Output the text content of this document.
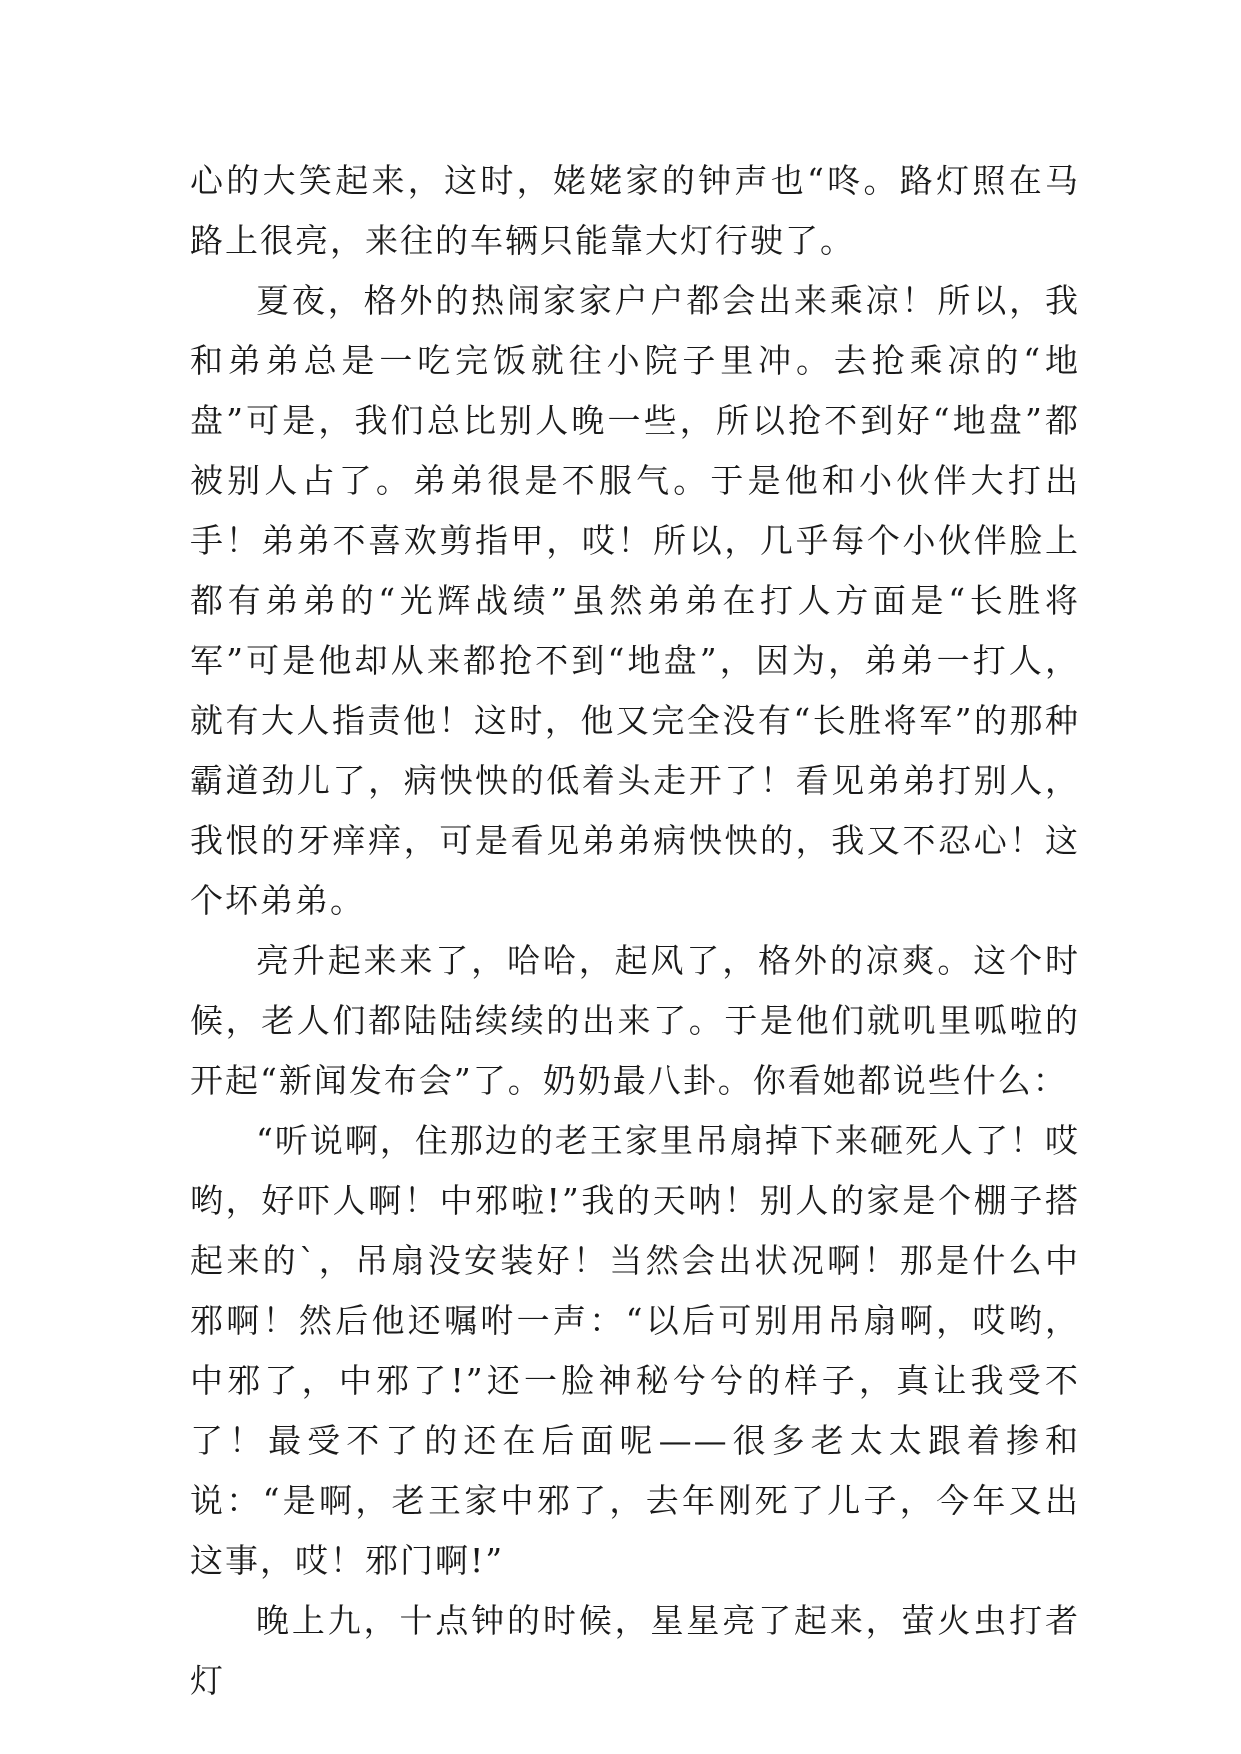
心的大笑起来，这时，姥姥家的钟声也“咚。路灯照在马路上很亮，来往的车辆只能靠大灯行驶了。

夏夜，格外的热闹家家户户都会出来乘凉！所以，我和弟弟总是一吃完饭就往小院子里冲。去抢乘凉的“地盘”可是，我们总比别人晚一些，所以抢不到好“地盘”都被别人占了。弟弟很是不服气。于是他和小伙伴大打出手！弟弟不喜欢剪指甲，哎！所以，几乎每个小伙伴脸上都有弟弟的“光辉战绩”虽然弟弟在打人方面是“长胜将军”可是他却从来都抢不到“地盘”，因为，弟弟一打人，就有大人指责他！这时，他又完全没有“长胜将军”的那种霸道劲儿了，病怏怏的低着头走开了！看见弟弟打别人，我恨的牙痒痒，可是看见弟弟病怏怏的，我又不忍心！这个坏弟弟。

亮升起来来了，哈哈，起风了，格外的凉爽。这个时候，老人们都陆陆续续的出来了。于是他们就叽里呱啦的开起“新闻发布会”了。奶奶最八卦。你看她都说些什么：

“听说啊，住那边的老王家里吊扇掉下来砸死人了！哎哟，好吓人啊！中邪啦!”我的天呐！别人的家是个棚子搭起来的`，吊扇没安装好！当然会出状况啊！那是什么中邪啊！然后他还嘱咐一声：“以后可别用吊扇啊，哎哟，中邪了，中邪了!”还一脸神秘兮兮的样子，真让我受不了！最受不了的还在后面呢——很多老太太跟着掺和说：“是啊，老王家中邪了，去年刚死了儿子，今年又出这事，哎！邪门啊!”

晚上九，十点钟的时候，星星亮了起来，萤火虫打者灯
